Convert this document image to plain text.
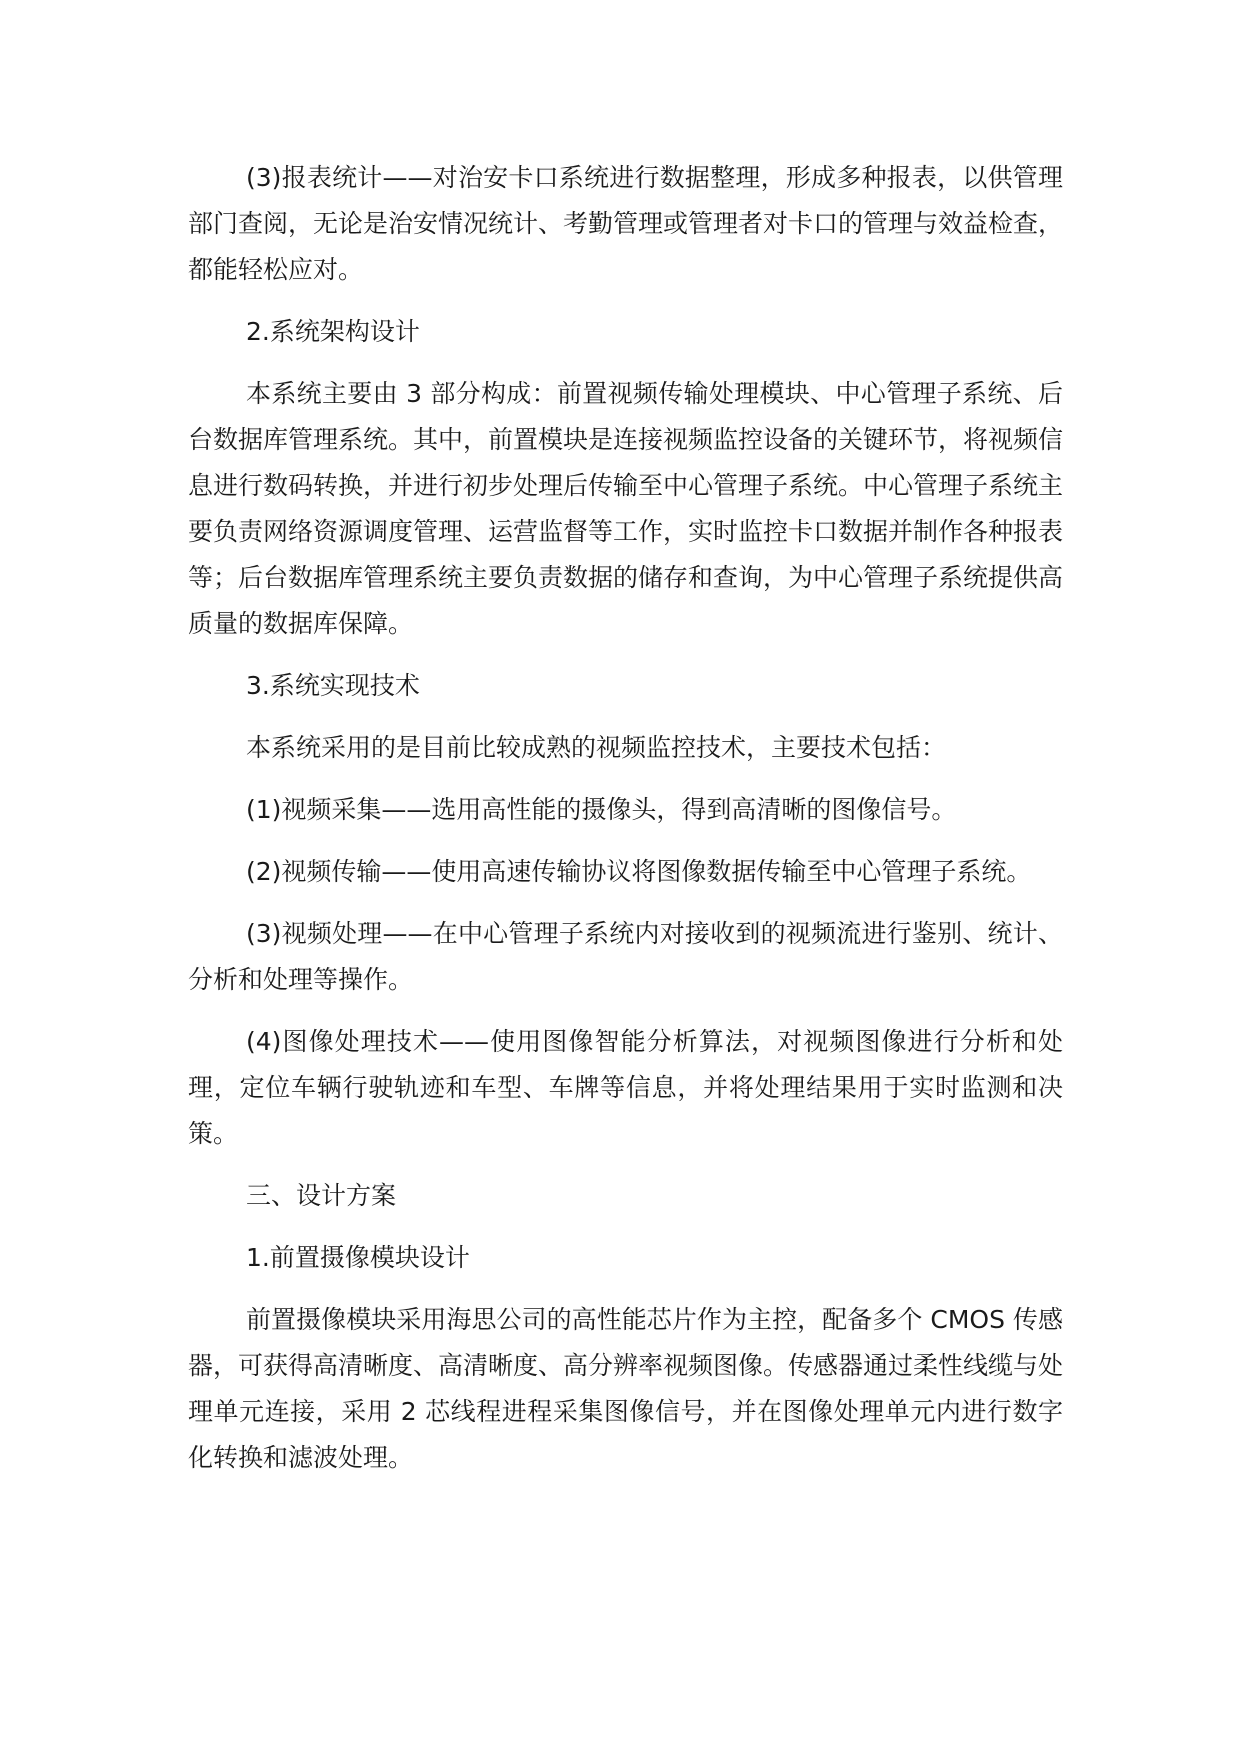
(3)报表统计——对治安卡口系统进行数据整理，形成多种报表，以供管理部门查阅，无论是治安情况统计、考勤管理或管理者对卡口的管理与效益检查，都能轻松应对。

2.系统架构设计

本系统主要由 3 部分构成：前置视频传输处理模块、中心管理子系统、后台数据库管理系统。其中，前置模块是连接视频监控设备的关键环节，将视频信息进行数码转换，并进行初步处理后传输至中心管理子系统。中心管理子系统主要负责网络资源调度管理、运营监督等工作，实时监控卡口数据并制作各种报表等；后台数据库管理系统主要负责数据的储存和查询，为中心管理子系统提供高质量的数据库保障。

3.系统实现技术

本系统采用的是目前比较成熟的视频监控技术，主要技术包括：

(1)视频采集——选用高性能的摄像头，得到高清晰的图像信号。

(2)视频传输——使用高速传输协议将图像数据传输至中心管理子系统。

(3)视频处理——在中心管理子系统内对接收到的视频流进行鉴别、统计、分析和处理等操作。

(4)图像处理技术——使用图像智能分析算法，对视频图像进行分析和处理，定位车辆行驶轨迹和车型、车牌等信息，并将处理结果用于实时监测和决策。

三、设计方案

1.前置摄像模块设计

前置摄像模块采用海思公司的高性能芯片作为主控，配备多个 CMOS 传感器，可获得高清晰度、高清晰度、高分辨率视频图像。传感器通过柔性线缆与处理单元连接，采用 2 芯线程进程采集图像信号，并在图像处理单元内进行数字化转换和滤波处理。
